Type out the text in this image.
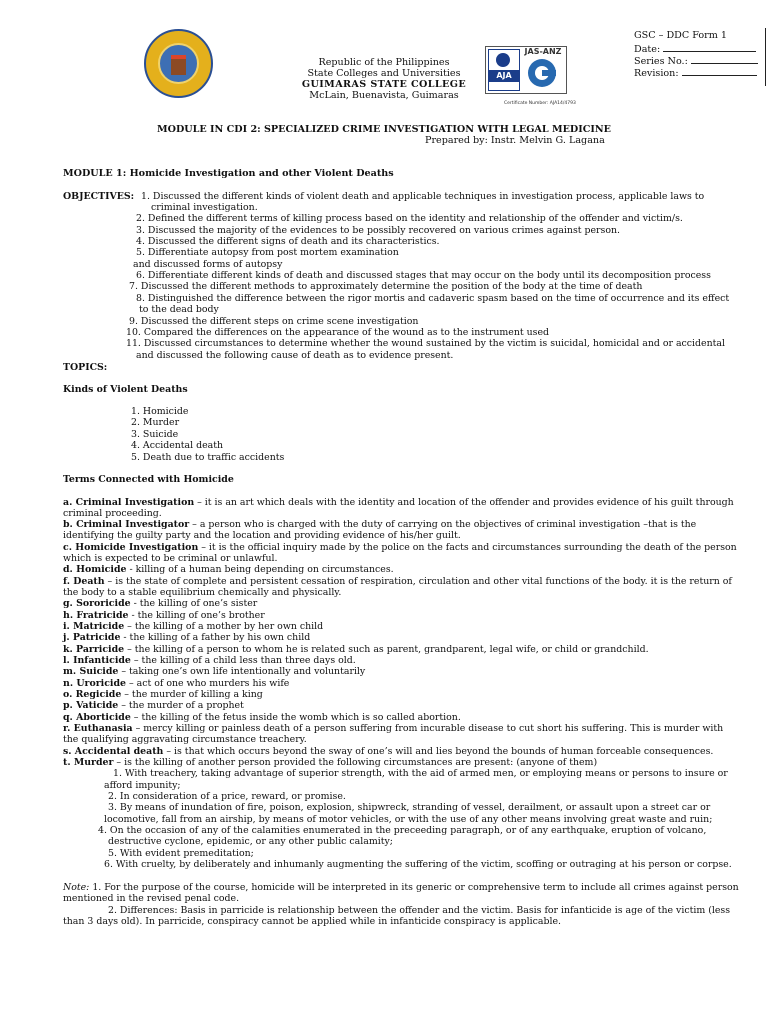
Republic of the Philippines
State Colleges and Universities
GUIMARAS STATE COLLEGE
McLain, Buenavista, Guimaras
AJA
JAS-ANZ
Certificate Number: AJA14/4793
GSC – DDC Form 1
Date:
Series No.:
Revision:
MODULE IN CDI 2: SPECIALIZED CRIME INVESTIGATION WITH LEGAL MEDICINE
Prepared by: Instr. Melvin G. Lagana
MODULE 1: Homicide Investigation and other Violent Deaths
OBJECTIVES: 1. Discussed the different kinds of violent death and applicable techniques in investigation process, applicable laws to
criminal investigation.
2. Defined the different terms of killing process based on the identity and relationship of the offender and victim/s.
3. Discussed the majority of the evidences to be possibly recovered on various crimes against person.
4. Discussed the different signs of death and its characteristics.
5. Differentiate autopsy from post mortem examination
and discussed forms of autopsy
6. Differentiate different kinds of death and discussed stages that may occur on the body until its decomposition process
7. Discussed the different methods to approximately determine the position of the body at the time of death
8. Distinguished the difference between the rigor mortis and cadaveric spasm based on the time of occurrence and its effect
to the dead body
9. Discussed the different steps on crime scene investigation
10. Compared the differences on the appearance of the wound as to the instrument used
11. Discussed circumstances to determine whether the wound sustained by the victim is suicidal, homicidal and or accidental
and discussed the following cause of death as to evidence present.
TOPICS:
Kinds of Violent Deaths
1. Homicide
2. Murder
3. Suicide
4. Accidental death
5. Death due to traffic accidents
Terms Connected with Homicide
a. Criminal Investigation – it is an art which deals with the identity and location of the offender and provides evidence of his guilt through
criminal proceeding.
b. Criminal Investigator – a person who is charged with the duty of carrying on the objectives of criminal investigation –that is the
identifying the guilty party and the location and providing evidence of his/her guilt.
c. Homicide Investigation – it is the official inquiry made by the police on the facts and circumstances surrounding the death of the person
which is expected to be criminal or unlawful.
d. Homicide - killing of a human being depending on circumstances.
f. Death – is the state of complete and persistent cessation of respiration, circulation and other vital functions of the body. it is the return of
the body to a stable equilibrium chemically and physically.
g. Sororicide - the killing of one’s sister
h. Fratricide - the killing of one’s brother
i. Matricide – the killing of a mother by her own child
j. Patricide - the killing of a father by his own child
k. Parricide – the killing of a person to whom he is related such as parent, grandparent, legal wife, or child or grandchild.
l. Infanticide – the killing of a child less than three days old.
m. Suicide – taking one’s own life intentionally and voluntarily
n. Uroricide – act of one who murders his wife
o. Regicide – the murder of killing a king
p. Vaticide – the murder of a prophet
q. Aborticide – the killing of the fetus inside the womb which is so called abortion.
r. Euthanasia – mercy killing or painless death of a person suffering from incurable disease to cut short his suffering. This is murder with
the qualifying aggravating circumstance treachery.
s. Accidental death – is that which occurs beyond the sway of one’s will and lies beyond the bounds of human forceable consequences.
t. Murder – is the killing of another person provided the following circumstances are present: (anyone of them)
1. With treachery, taking advantage of superior strength, with the aid of armed men, or employing means or persons to insure or
afford impunity;
2. In consideration of a price, reward, or promise.
3. By means of inundation of fire, poison, explosion, shipwreck, stranding of vessel, derailment, or assault upon a street car or
locomotive, fall from an airship, by means of motor vehicles, or with the use of any other means involving great waste and ruin;
4. On the occasion of any of the calamities enumerated in the preceeding paragraph, or of any earthquake, eruption of volcano,
destructive cyclone, epidemic, or any other public calamity;
5. With evident premeditation;
6. With cruelty, by deliberately and inhumanly augmenting the suffering of the victim, scoffing or outraging at his person or corpse.
Note: 1. For the purpose of the course, homicide will be interpreted in its generic or comprehensive term to include all crimes against person
mentioned in the revised penal code.
2. Differences: Basis in parricide is relationship between the offender and the victim. Basis for infanticide is age of the victim (less
than 3 days old). In parricide, conspiracy cannot be applied while in infanticide conspiracy is applicable.
